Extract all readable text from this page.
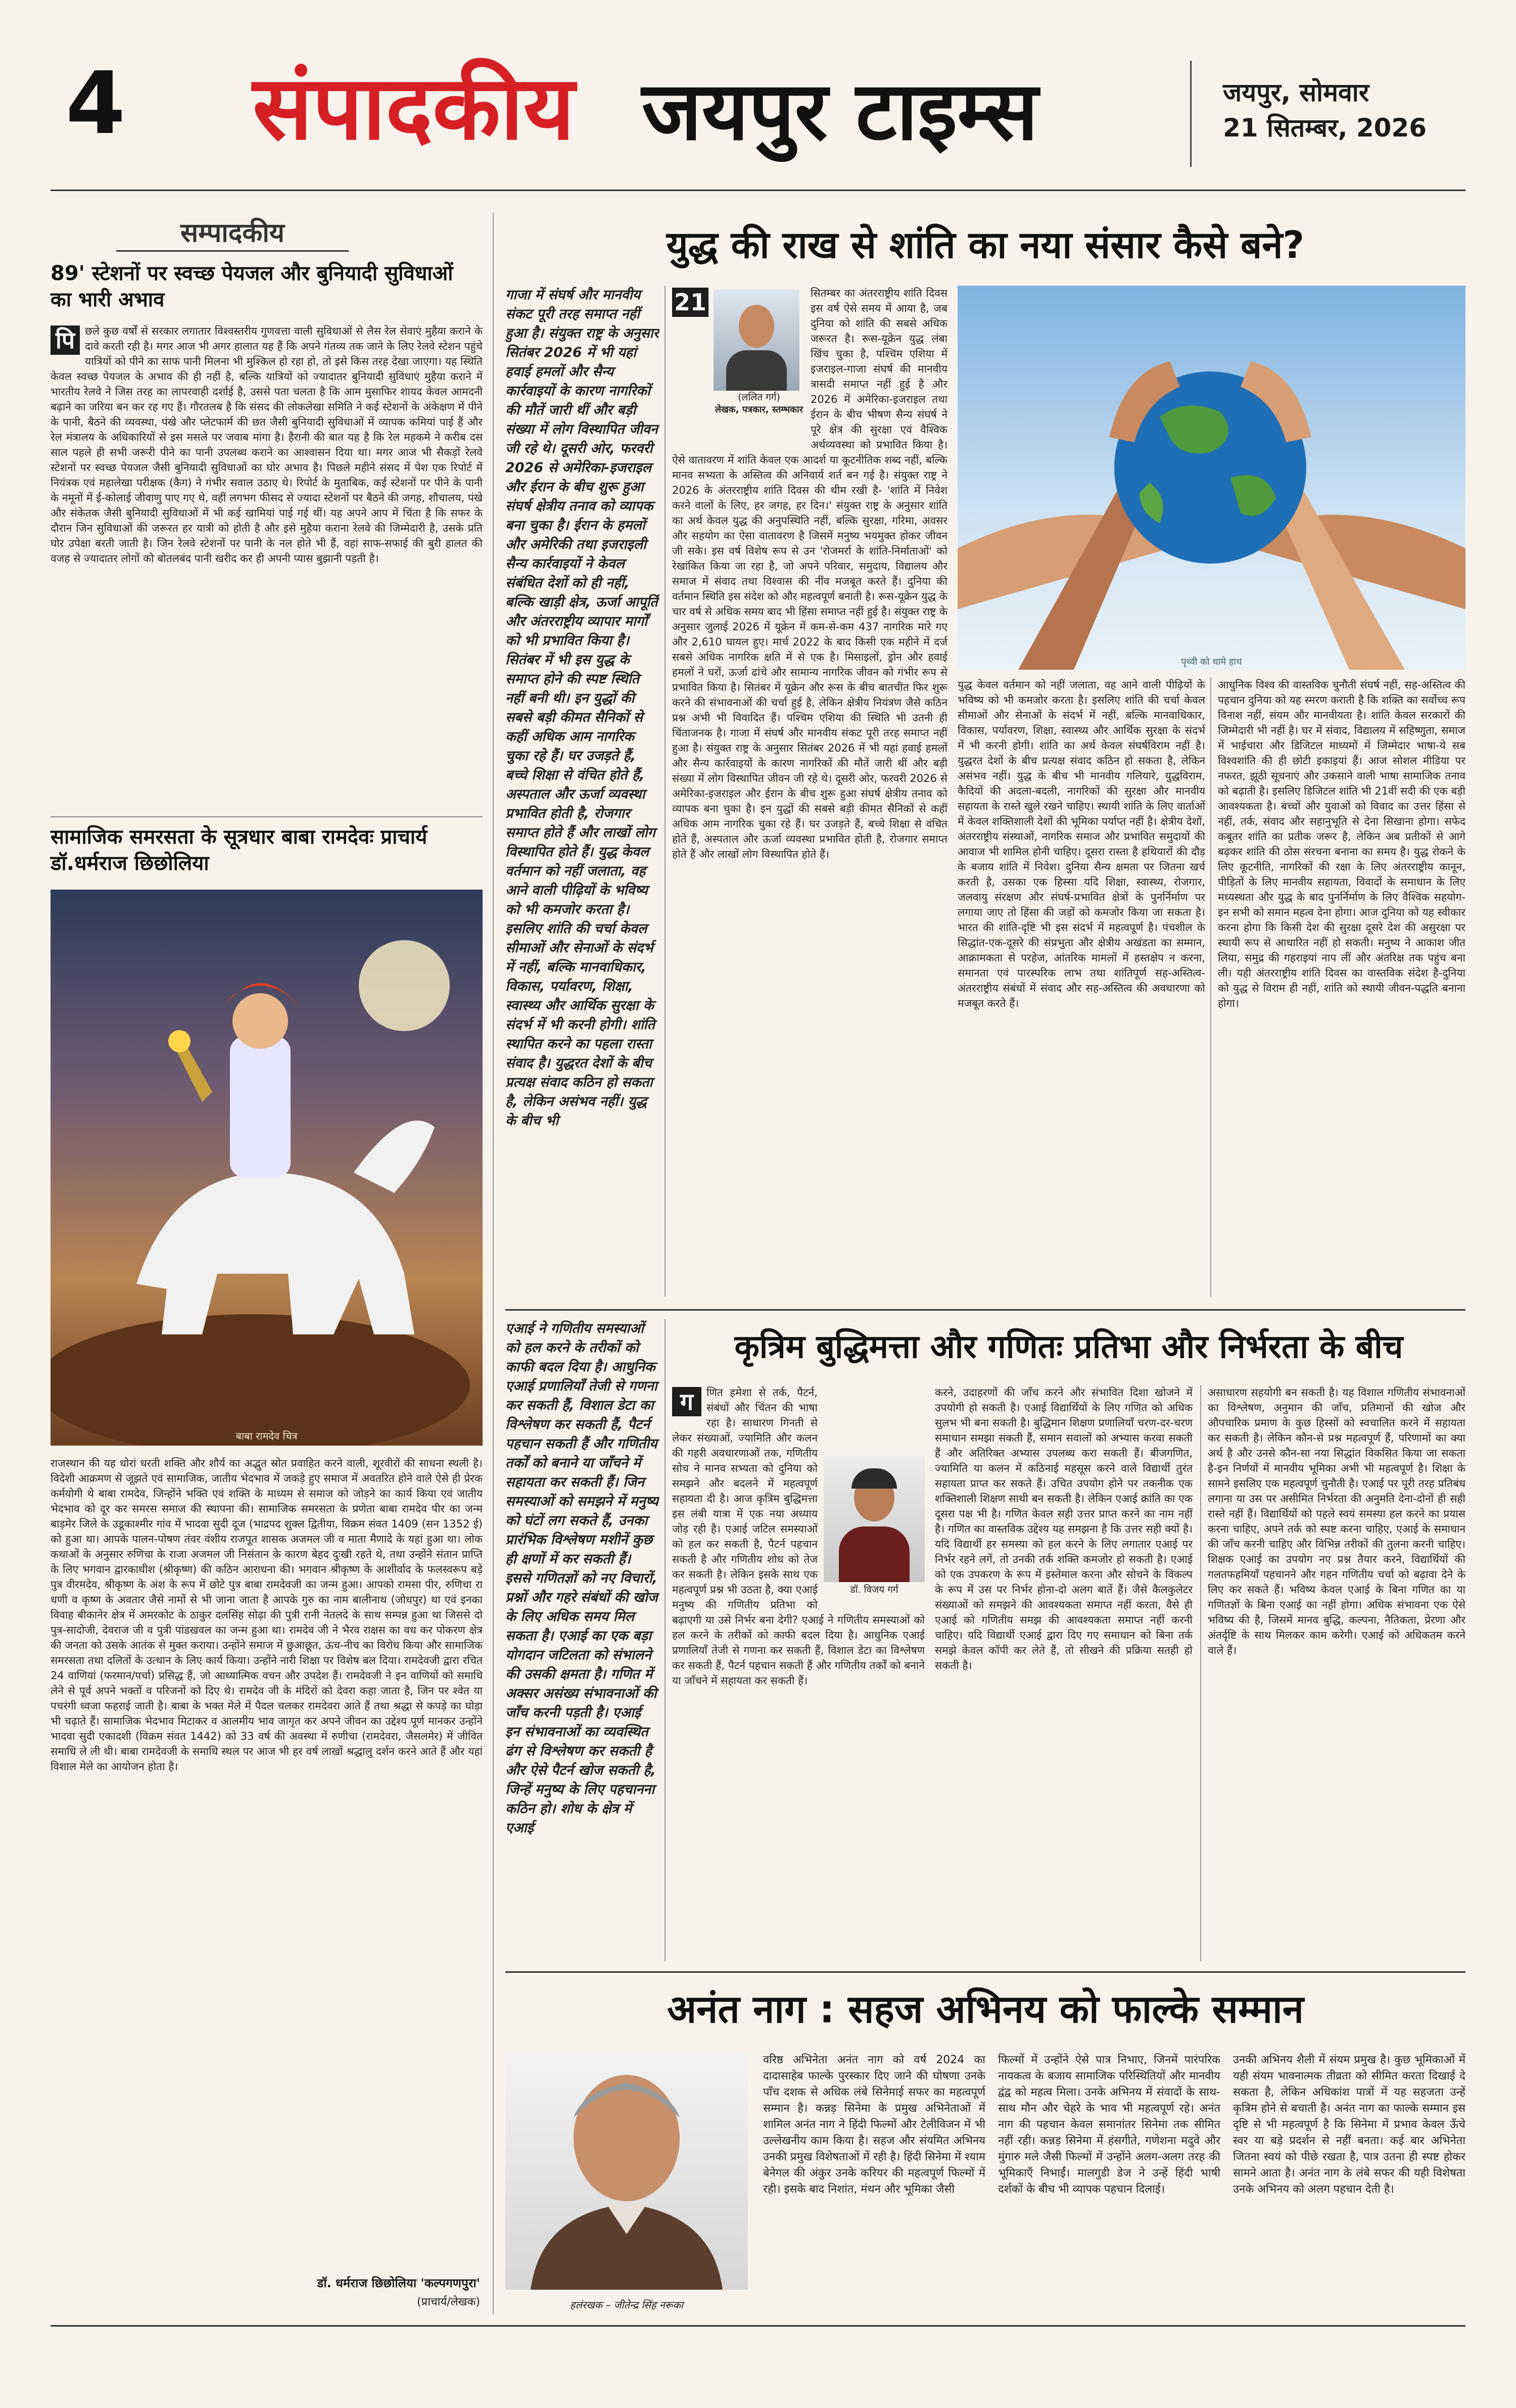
4 संपादकीय जयपुर टाइम्स	जयपुर, सोमवार
21 सितम्बर, 2026
सम्पादकीय
89' स्टेशनों पर स्वच्छ पेयजल और बुनियादी सुविधाओं का भारी अभाव
पि छले कुछ वर्षों से सरकार लगातार विश्वस्तरीय गुणवत्ता वाली सुविधाओं से लैस रेल सेवाएं मुहैया कराने के दावे करती रही है। मगर आज भी अगर हालात यह हैं कि अपने गंतव्य तक जाने के लिए रेलवे स्टेशन पहुंचे यात्रियों को पीने का साफ पानी मिलना भी मुश्किल हो रहा हो, तो इसे किस तरह देखा जाएगा। यह स्थिति केवल स्वच्छ पेयजल के अभाव की ही नहीं है, बल्कि यात्रियों को ज्यादातर बुनियादी सुविधाएं मुहैया कराने में भारतीय रेलवे ने जिस तरह का लापरवाही दर्शाई है, उससे पता चलता है कि आम मुसाफिर शायद केवल आमदनी बढ़ाने का जरिया बन कर रह गए हैं। गौरतलब है कि संसद की लोकलेखा समिति ने कई स्टेशनों के अंकेक्षण में पीने के पानी, बैठने की व्यवस्था, पंखे और प्लेटफार्म की छत जैसी बुनियादी सुविधाओं में व्यापक कमियां पाई हैं और रेल मंत्रालय के अधिकारियों से इस मसले पर जवाब मांगा है। हैरानी की बात यह है कि रेल महकमे ने करीब दस साल पहले ही सभी जरूरी पीने का पानी उपलब्ध कराने का आश्वासन दिया था। मगर आज भी सैकड़ों रेलवे स्टेशनों पर स्वच्छ पेयजल जैसी बुनियादी सुविधाओं का घोर अभाव है। पिछले महीने संसद में पेश एक रिपोर्ट में नियंत्रक एवं महालेखा परीक्षक (कैग) ने गंभीर सवाल उठाए थे। रिपोर्ट के मुताबिक, कई स्टेशनों पर पीने के पानी के नमूनों में ई-कोलाई जीवाणु पाए गए थे, वहीं लगभग फीसद से ज्यादा स्टेशनों पर बैठने की जगह, शौचालय, पंखे और संकेतक जैसी बुनियादी सुविधाओं में भी कई खामियां पाई गई थीं। यह अपने आप में चिंता है कि सफर के दौरान जिन सुविधाओं की जरूरत हर यात्री को होती है और इसे मुहैया कराना रेलवे की जिम्मेदारी है, उसके प्रति घोर उपेक्षा बरती जाती है। जिन रेलवे स्टेशनों पर पानी के नल होते भी हैं, वहां साफ-सफाई की बुरी हालत की वजह से ज्यादातर लोगों को बोतलबंद पानी खरीद कर ही अपनी प्यास बुझानी पड़ती है।
सामाजिक समरसता के सूत्रधार बाबा रामदेवः प्राचार्य डॉ.धर्मराज छिछोलिया
बाबा रामदेव चित्र
राजस्थान की यह धोरां धरती शक्ति और शौर्य का अद्भुत स्रोत प्रवाहित करने वाली, शूरवीरों की साधना स्थली है। विदेशी आक्रमण से जूझते एवं सामाजिक, जातीय भेदभाव में जकड़े हुए समाज में अवतरित होने वाले ऐसे ही प्रेरक कर्मयोगी थे बाबा रामदेव, जिन्होंने भक्ति एवं शक्ति के माध्यम से समाज को जोड़ने का कार्य किया एवं जातीय भेदभाव को दूर कर समरस समाज की स्थापना की। सामाजिक समरसता के प्रणेता बाबा रामदेव पीर का जन्म बाड़मेर जिले के उडूकाश्मीर गांव में भादवा सुदी दूज (भाद्रपद शुक्ल द्वितीया, विक्रम संवत 1409 (सन 1352 ई) को हुआ था। आपके पालन-पोषण तंवर वंशीय राजपूत शासक अजमल जी व माता मैणादे के यहां हुआ था। लोक कथाओं के अनुसार रुणिचा के राजा अजमल जी निसंतान के कारण बेहद दुःखी रहते थे, तथा उन्होंने संतान प्राप्ति के लिए भगवान द्वारकाधीश (श्रीकृष्ण) की कठिन आराधना की। भगवान श्रीकृष्ण के आशीर्वाद के फलस्वरूप बड़े पुत्र वीरमदेव, श्रीकृष्ण के अंश के रूप में छोटे पुत्र बाबा रामदेवजी का जन्म हुआ। आपको रामसा पीर, रुणिचा रा धणी व कृष्ण के अवतार जैसे नामों से भी जाना जाता है आपके गुरु का नाम बालीनाथ (जोधपुर) था एवं इनका विवाह बीकानेर क्षेत्र में अमरकोट के ठाकुर दलसिंह सोढ़ा की पुत्री रानी नेतलदे के साथ सम्पन्न हुआ था जिससे दो पुत्र-सादोजी, देवराज जी व पुत्री पांडखवल का जन्म हुआ था। रामदेव जी ने भैरव राक्षस का वध कर पोकरण क्षेत्र की जनता को उसके आतंक से मुक्त कराया। उन्होंने समाज में छुआछूत, ऊंच-नीच का विरोध किया और सामाजिक समरसता तथा दलितों के उत्थान के लिए कार्य किया। उन्होंने नारी शिक्षा पर विशेष बल दिया। रामदेवजी द्वारा रचित 24 वाणियां (फरमान/पर्चा) प्रसिद्ध हैं, जो आध्यात्मिक वचन और उपदेश हैं। रामदेवजी ने इन वाणियों को समाधि लेने से पूर्व अपने भक्तों व परिजनों को दिए थे। रामदेव जी के मंदिरों को देवरा कहा जाता है, जिन पर श्वेत या पचरंगी ध्वजा फहराई जाती है। बाबा के भक्त मेले में पैदल चलकर रामदेवरा आते हैं तथा श्रद्धा से कपड़े का घोड़ा भी चढ़ाते हैं। सामाजिक भेदभाव मिटाकर व आलमीय भाव जागृत कर अपने जीवन का उद्देश्य पूर्ण मानकर उन्होंने भादवा सुदी एकादशी (विक्रम संवत 1442) को 33 वर्ष की अवस्था में रुणीचा (रामदेवरा, जैसलमेर) में जीवित समाधि ले ली थी। बाबा रामदेवजी के समाधि स्थल पर आज भी हर वर्ष लाखों श्रद्धालु दर्शन करने आते हैं और यहां विशाल मेले का आयोजन होता है।
डॉ. धर्मराज छिछोलिया 'कल्पगणपुरा'
(प्राचार्य/लेखक)
युद्ध की राख से शांति का नया संसार कैसे बने?
गाजा में संघर्ष और मानवीय संकट पूरी तरह समाप्त नहीं हुआ है। संयुक्त राष्ट्र के अनुसार सितंबर 2026 में भी यहां हवाई हमलों और सैन्य कार्रवाइयों के कारण नागरिकों की मौतें जारी थीं और बड़ी संख्या में लोग विस्थापित जीवन जी रहे थे। दूसरी ओर, फरवरी 2026 से अमेरिका-इजराइल और ईरान के बीच शुरू हुआ संघर्ष क्षेत्रीय तनाव को व्यापक बना चुका है। ईरान के हमलों और अमेरिकी तथा इजराइली सैन्य कार्रवाइयों ने केवल संबंधित देशों को ही नहीं, बल्कि खाड़ी क्षेत्र, ऊर्जा आपूर्ति और अंतरराष्ट्रीय व्यापार मार्गों को भी प्रभावित किया है। सितंबर में भी इस युद्ध के समाप्त होने की स्पष्ट स्थिति नहीं बनी थी। इन युद्धों की सबसे बड़ी कीमत सैनिकों से कहीं अधिक आम नागरिक चुका रहे हैं। घर उजड़ते हैं, बच्चे शिक्षा से वंचित होते हैं, अस्पताल और ऊर्जा व्यवस्था प्रभावित होती है, रोजगार समाप्त होते हैं और लाखों लोग विस्थापित होते हैं। युद्ध केवल वर्तमान को नहीं जलाता, वह आने वाली पीढ़ियों के भविष्य को भी कमजोर करता है। इसलिए शांति की चर्चा केवल सीमाओं और सेनाओं के संदर्भ में नहीं, बल्कि मानवाधिकार, विकास, पर्यावरण, शिक्षा, स्वास्थ्य और आर्थिक सुरक्षा के संदर्भ में भी करनी होगी। शांति स्थापित करने का पहला रास्ता संवाद है। युद्धरत देशों के बीच प्रत्यक्ष संवाद कठिन हो सकता है, लेकिन असंभव नहीं। युद्ध के बीच भी
21
(ललित गर्ग)
लेखक, पत्रकार, स्तम्भकार
सितम्बर का अंतरराष्ट्रीय शांति दिवस इस वर्ष ऐसे समय में आया है, जब दुनिया को शांति की सबसे अधिक जरूरत है। रूस-यूक्रेन युद्ध लंबा खिंच चुका है, पश्चिम एशिया में इजराइल-गाजा संघर्ष की मानवीय त्रासदी समाप्त नहीं हुई है और 2026 में अमेरिका-इजराइल तथा ईरान के बीच भीषण सैन्य संघर्ष ने पूरे क्षेत्र की सुरक्षा एवं वैश्विक अर्थव्यवस्था को प्रभावित किया है। ऐसे वातावरण में शांति केवल एक आदर्श या कूटनीतिक शब्द नहीं, बल्कि मानव सभ्यता के अस्तित्व की अनिवार्य शर्त बन गई है। संयुक्त राष्ट्र ने 2026 के अंतरराष्ट्रीय शांति दिवस की थीम रखी है- 'शांति में निवेश करने वालों के लिए, हर जगह, हर दिन।' संयुक्त राष्ट्र के अनुसार शांति का अर्थ केवल युद्ध की अनुपस्थिति नहीं, बल्कि सुरक्षा, गरिमा, अवसर और सहयोग का ऐसा वातावरण है जिसमें मनुष्य भयमुक्त होकर जीवन जी सके। इस वर्ष विशेष रूप से उन 'रोजमर्रा के शांति-निर्माताओं' को रेखांकित किया जा रहा है, जो अपने परिवार, समुदाय, विद्यालय और समाज में संवाद तथा विश्वास की नींव मजबूत करते हैं। दुनिया की वर्तमान स्थिति इस संदेश को और महत्वपूर्ण बनाती है। रूस-यूक्रेन युद्ध के चार वर्ष से अधिक समय बाद भी हिंसा समाप्त नहीं हुई है। संयुक्त राष्ट्र के अनुसार जुलाई 2026 में यूक्रेन में कम-से-कम 437 नागरिक मारे गए और 2,610 घायल हुए। मार्च 2022 के बाद किसी एक महीने में दर्ज सबसे अधिक नागरिक क्षति में से एक है। मिसाइलों, ड्रोन और हवाई हमलों ने घरों, ऊर्जा ढांचे और सामान्य नागरिक जीवन को गंभीर रूप से प्रभावित किया है। सितंबर में यूक्रेन और रूस के बीच बातचीत फिर शुरू करने की संभावनाओं की चर्चा हुई है, लेकिन क्षेत्रीय नियंत्रण जैसे कठिन प्रश्न अभी भी विवादित हैं। पश्चिम एशिया की स्थिति भी उतनी ही चिंताजनक है। गाजा में संघर्ष और मानवीय संकट पूरी तरह समाप्त नहीं हुआ है। संयुक्त राष्ट्र के अनुसार सितंबर 2026 में भी यहां हवाई हमलों और सैन्य कार्रवाइयों के कारण नागरिकों की मौतें जारी थीं और बड़ी संख्या में लोग विस्थापित जीवन जी रहे थे। दूसरी ओर, फरवरी 2026 से अमेरिका-इजराइल और ईरान के बीच शुरू हुआ संघर्ष क्षेत्रीय तनाव को व्यापक बना चुका है। इन युद्धों की सबसे बड़ी कीमत सैनिकों से कहीं अधिक आम नागरिक चुका रहे हैं। घर उजड़ते हैं, बच्चे शिक्षा से वंचित होते हैं, अस्पताल और ऊर्जा व्यवस्था प्रभावित होती है, रोजगार समाप्त होते हैं और लाखों लोग विस्थापित होते हैं।
पृथ्वी को थामे हाथ
युद्ध केवल वर्तमान को नहीं जलाता, वह आने वाली पीढ़ियों के भविष्य को भी कमजोर करता है। इसलिए शांति की चर्चा केवल सीमाओं और सेनाओं के संदर्भ में नहीं, बल्कि मानवाधिकार, विकास, पर्यावरण, शिक्षा, स्वास्थ्य और आर्थिक सुरक्षा के संदर्भ में भी करनी होगी। शांति का अर्थ केवल संघर्षविराम नहीं है। युद्धरत देशों के बीच प्रत्यक्ष संवाद कठिन हो सकता है, लेकिन असंभव नहीं। युद्ध के बीच भी मानवीय गलियारे, युद्धविराम, कैदियों की अदला-बदली, नागरिकों की सुरक्षा और मानवीय सहायता के रास्ते खुले रखने चाहिए। स्थायी शांति के लिए वार्ताओं में केवल शक्तिशाली देशों की भूमिका पर्याप्त नहीं है। क्षेत्रीय देशों, अंतरराष्ट्रीय संस्थाओं, नागरिक समाज और प्रभावित समुदायों की आवाज भी शामिल होनी चाहिए। दूसरा रास्ता है हथियारों की दौड़ के बजाय शांति में निवेश। दुनिया सैन्य क्षमता पर जितना खर्च करती है, उसका एक हिस्सा यदि शिक्षा, स्वास्थ्य, रोजगार, जलवायु संरक्षण और संघर्ष-प्रभावित क्षेत्रों के पुनर्निर्माण पर लगाया जाए तो हिंसा की जड़ों को कमजोर किया जा सकता है। भारत की शांति-दृष्टि भी इस संदर्भ में महत्वपूर्ण है। पंचशील के सिद्धांत-एक-दूसरे की संप्रभुता और क्षेत्रीय अखंडता का सम्मान, आक्रामकता से परहेज, आंतरिक मामलों में हस्तक्षेप न करना, समानता एवं पारस्परिक लाभ तथा शांतिपूर्ण सह-अस्तित्व-अंतरराष्ट्रीय संबंधों में संवाद और सह-अस्तित्व की अवधारणा को मजबूत करते हैं।
आधुनिक विश्व की वास्तविक चुनौती संघर्ष नहीं, सह-अस्तित्व की पहचान दुनिया को यह स्मरण कराती है कि शक्ति का सर्वोच्च रूप विनाश नहीं, संयम और मानवीयता है। शांति केवल सरकारों की जिम्मेदारी भी नहीं है। घर में संवाद, विद्यालय में सहिष्णुता, समाज में भाईचारा और डिजिटल माध्यमों में जिम्मेदार भाषा-ये सब विश्वशांति की ही छोटी इकाइयां हैं। आज सोशल मीडिया पर नफरत, झूठी सूचनाएं और उकसाने वाली भाषा सामाजिक तनाव को बढ़ाती है। इसलिए डिजिटल शांति भी 21वीं सदी की एक बड़ी आवश्यकता है। बच्चों और युवाओं को विवाद का उत्तर हिंसा से नहीं, तर्क, संवाद और सहानुभूति से देना सिखाना होगा। सफेद कबूतर शांति का प्रतीक जरूर है, लेकिन अब प्रतीकों से आगे बढ़कर शांति की ठोस संरचना बनाना का समय है। युद्ध रोकने के लिए कूटनीति, नागरिकों की रक्षा के लिए अंतरराष्ट्रीय कानून, पीड़ितों के लिए मानवीय सहायता, विवादों के समाधान के लिए मध्यस्थता और युद्ध के बाद पुनर्निर्माण के लिए वैश्विक सहयोग-इन सभी को समान महत्व देना होगा। आज दुनिया को यह स्वीकार करना होगा कि किसी देश की सुरक्षा दूसरे देश की असुरक्षा पर स्थायी रूप से आधारित नहीं हो सकती। मनुष्य ने आकाश जीत लिया, समुद्र की गहराइयां नाप लीं और अंतरिक्ष तक पहुंच बना ली। यही अंतरराष्ट्रीय शांति दिवस का वास्तविक संदेश है-दुनिया को युद्ध से विराम ही नहीं, शांति को स्थायी जीवन-पद्धति बनाना होगा।
एआई ने गणितीय समस्याओं को हल करने के तरीकों को काफी बदल दिया है। आधुनिक एआई प्रणालियाँ तेजी से गणना कर सकती हैं, विशाल डेटा का विश्लेषण कर सकती हैं, पैटर्न पहचान सकती हैं और गणितीय तर्कों को बनाने या जाँचने में सहायता कर सकती हैं। जिन समस्याओं को समझने में मनुष्य को घंटों लग सकते हैं, उनका प्रारंभिक विश्लेषण मशीनें कुछ ही क्षणों में कर सकती हैं। इससे गणितज्ञों को नए विचारों, प्रश्नों और गहरे संबंधों की खोज के लिए अधिक समय मिल सकता है। एआई का एक बड़ा योगदान जटिलता को संभालने की उसकी क्षमता है। गणित में अक्सर असंख्य संभावनाओं की जाँच करनी पड़ती है। एआई इन संभावनाओं का व्यवस्थित ढंग से विश्लेषण कर सकती है और ऐसे पैटर्न खोज सकती है, जिन्हें मनुष्य के लिए पहचानना कठिन हो। शोध के क्षेत्र में एआई
कृत्रिम बुद्धिमत्ता और गणितः प्रतिभा और निर्भरता के बीच
ग
डॉ. विजय गर्ग
णित हमेशा से तर्क, पैटर्न, संबंधों और चिंतन की भाषा रहा है। साधारण गिनती से लेकर संख्याओं, ज्यामिति और कलन की गहरी अवधारणाओं तक, गणितीय सोच ने मानव सभ्यता को दुनिया को समझने और बदलने में महत्वपूर्ण सहायता दी है। आज कृत्रिम बुद्धिमत्ता इस लंबी यात्रा में एक नया अध्याय जोड़ रही है। एआई जटिल समस्याओं को हल कर सकती है, पैटर्न पहचान सकती है और गणितीय शोध को तेज कर सकती है। लेकिन इसके साथ एक महत्वपूर्ण प्रश्न भी उठता है, क्या एआई मनुष्य की गणितीय प्रतिभा को बढ़ाएगी या उसे निर्भर बना देगी? एआई ने गणितीय समस्याओं को हल करने के तरीकों को काफी बदल दिया है। आधुनिक एआई प्रणालियाँ तेजी से गणना कर सकती हैं, विशाल डेटा का विश्लेषण कर सकती हैं, पैटर्न पहचान सकती हैं और गणितीय तर्कों को बनाने या जाँचने में सहायता कर सकती हैं।
करने, उदाहरणों की जाँच करने और संभावित दिशा खोजने में उपयोगी हो सकती है। एआई विद्यार्थियों के लिए गणित को अधिक सुलभ भी बना सकती है। बुद्धिमान शिक्षण प्रणालियाँ चरण-दर-चरण समाधान समझा सकती हैं, समान सवालों को अभ्यास करवा सकती हैं और अतिरिक्त अभ्यास उपलब्ध करा सकती हैं। बीजगणित, ज्यामिति या कलन में कठिनाई महसूस करने वाले विद्यार्थी तुरंत सहायता प्राप्त कर सकते हैं। उचित उपयोग होने पर तकनीक एक शक्तिशाली शिक्षण साथी बन सकती है। लेकिन एआई क्रांति का एक दूसरा पक्ष भी है। गणित केवल सही उत्तर प्राप्त करने का नाम नहीं है। गणित का वास्तविक उद्देश्य यह समझना है कि उत्तर सही क्यों है। यदि विद्यार्थी हर समस्या को हल करने के लिए लगातार एआई पर निर्भर रहने लगें, तो उनकी तर्क शक्ति कमजोर हो सकती है। एआई को एक उपकरण के रूप में इस्तेमाल करना और सोचने के विकल्प के रूप में उस पर निर्भर होना-दो अलग बातें हैं। जैसे कैलकुलेटर संख्याओं को समझने की आवश्यकता समाप्त नहीं करता, वैसे ही एआई को गणितीय समझ की आवश्यकता समाप्त नहीं करनी चाहिए। यदि विद्यार्थी एआई द्वारा दिए गए समाधान को बिना तर्क समझे केवल कॉपी कर लेते हैं, तो सीखने की प्रक्रिया सतही हो सकती है।
असाधारण सहयोगी बन सकती है। यह विशाल गणितीय संभावनाओं का विश्लेषण, अनुमान की जाँच, प्रतिमानों की खोज और औपचारिक प्रमाण के कुछ हिस्सों को स्वचालित करने में सहायता कर सकती है। लेकिन कौन-से प्रश्न महत्वपूर्ण हैं, परिणामों का क्या अर्थ है और उनसे कौन-सा नया सिद्धांत विकसित किया जा सकता है-इन निर्णयों में मानवीय भूमिका अभी भी महत्वपूर्ण है। शिक्षा के सामने इसलिए एक महत्वपूर्ण चुनौती है। एआई पर पूरी तरह प्रतिबंध लगाना या उस पर असीमित निर्भरता की अनुमति देना-दोनों ही सही रास्ते नहीं हैं। विद्यार्थियों को पहले स्वयं समस्या हल करने का प्रयास करना चाहिए, अपने तर्क को स्पष्ट करना चाहिए, एआई के समाधान की जाँच करनी चाहिए और विभिन्न तरीकों की तुलना करनी चाहिए। शिक्षक एआई का उपयोग नए प्रश्न तैयार करने, विद्यार्थियों की गलतफहमियाँ पहचानने और गहन गणितीय चर्चा को बढ़ावा देने के लिए कर सकते हैं। भविष्य केवल एआई के बिना गणित का या गणितज्ञों के बिना एआई का नहीं होगा। अधिक संभावना एक ऐसे भविष्य की है, जिसमें मानव बुद्धि, कल्पना, नैतिकता, प्रेरणा और अंतर्दृष्टि के साथ मिलकर काम करेगी। एआई को अधिकतम करने वाले हैं।
अनंत नाग : सहज अभिनय को फाल्के सम्मान
हलंरखक – जीतेन्द्र सिंह नरूका
वरिष्ठ अभिनेता अनंत नाग को वर्ष 2024 का दादासाहेब फाल्के पुरस्कार दिए जाने की घोषणा उनके पाँच दशक से अधिक लंबे सिनेमाई सफर का महत्वपूर्ण सम्मान है। कन्नड़ सिनेमा के प्रमुख अभिनेताओं में शामिल अनंत नाग ने हिंदी फिल्मों और टेलीविजन में भी उल्लेखनीय काम किया है। सहज और संयमित अभिनय उनकी प्रमुख विशेषताओं में रही है। हिंदी सिनेमा में श्याम बेनेगल की अंकुर उनके करियर की महत्वपूर्ण फिल्मों में रही। इसके बाद निशांत, मंथन और भूमिका जैसी
फिल्मों में उन्होंने ऐसे पात्र निभाए, जिनमें पारंपरिक नायकत्व के बजाय सामाजिक परिस्थितियों और मानवीय द्वंद्व को महत्व मिला। उनके अभिनय में संवादों के साथ-साथ मौन और चेहरे के भाव भी महत्वपूर्ण रहे। अनंत नाग की पहचान केवल समानांतर सिनेमा तक सीमित नहीं रही। कन्नड़ सिनेमा में हंसगीते, गणेशना मदुवे और मुंगारु मले जैसी फिल्मों में उन्होंने अलग-अलग तरह की भूमिकाएँ निभाईं। मालगुडी डेज ने उन्हें हिंदी भाषी दर्शकों के बीच भी व्यापक पहचान दिलाई।
उनकी अभिनय शैली में संयम प्रमुख है। कुछ भूमिकाओं में यही संयम भावनात्मक तीव्रता को सीमित करता दिखाई दे सकता है, लेकिन अधिकांश पात्रों में यह सहजता उन्हें कृत्रिम होने से बचाती है। अनंत नाग का फाल्के सम्मान इस दृष्टि से भी महत्वपूर्ण है कि सिनेमा में प्रभाव केवल ऊँचे स्वर या बड़े प्रदर्शन से नहीं बनता। कई बार अभिनेता जितना स्वयं को पीछे रखता है, पात्र उतना ही स्पष्ट होकर सामने आता है। अनंत नाग के लंबे सफर की यही विशेषता उनके अभिनय को अलग पहचान देती है।
